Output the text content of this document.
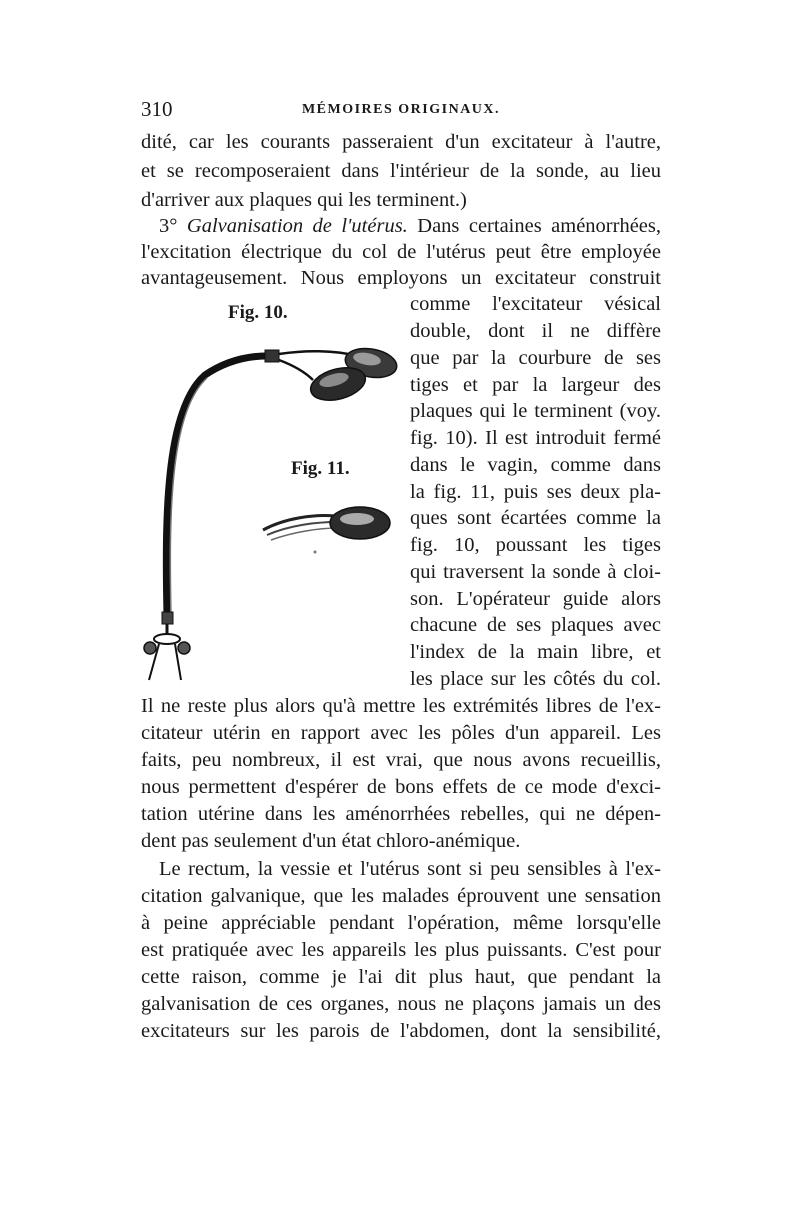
310	MÉMOIRES ORIGINAUX.

dité, car les courants passeraient d'un excitateur à l'autre,

et se recomposeraient dans l'intérieur de la sonde, au lieu

d'arriver aux plaques qui les terminent.)

3° Galvanisation de l'utérus. Dans certaines aménorrhées,

l'excitation électrique du col de l'utérus peut être employée

avantageusement. Nous employons un excitateur construit

comme l'excitateur vésical

double, dont il ne diffère

que par la courbure de ses

tiges et par la largeur des

plaques qui le terminent (voy.

fig. 10). Il est introduit fermé

dans le vagin, comme dans

la fig. 11, puis ses deux pla-

ques sont écartées comme la

fig. 10, poussant les tiges

qui traversent la sonde à cloi-

son. L'opérateur guide alors

chacune de ses plaques avec

l'index de la main libre, et

les place sur les côtés du col.

Il ne reste plus alors qu'à mettre les extrémités libres de l'ex-

citateur utérin en rapport avec les pôles d'un appareil. Les

faits, peu nombreux, il est vrai, que nous avons recueillis,

nous permettent d'espérer de bons effets de ce mode d'exci-

tation utérine dans les aménorrhées rebelles, qui ne dépen-

dent pas seulement d'un état chloro-anémique.

Le rectum, la vessie et l'utérus sont si peu sensibles à l'ex-

citation galvanique, que les malades éprouvent une sensation

à peine appréciable pendant l'opération, même lorsqu'elle

est pratiquée avec les appareils les plus puissants. C'est pour

cette raison, comme je l'ai dit plus haut, que pendant la

galvanisation de ces organes, nous ne plaçons jamais un des

excitateurs sur les parois de l'abdomen, dont la sensibilité,

Fig. 10.
Fig. 11.
